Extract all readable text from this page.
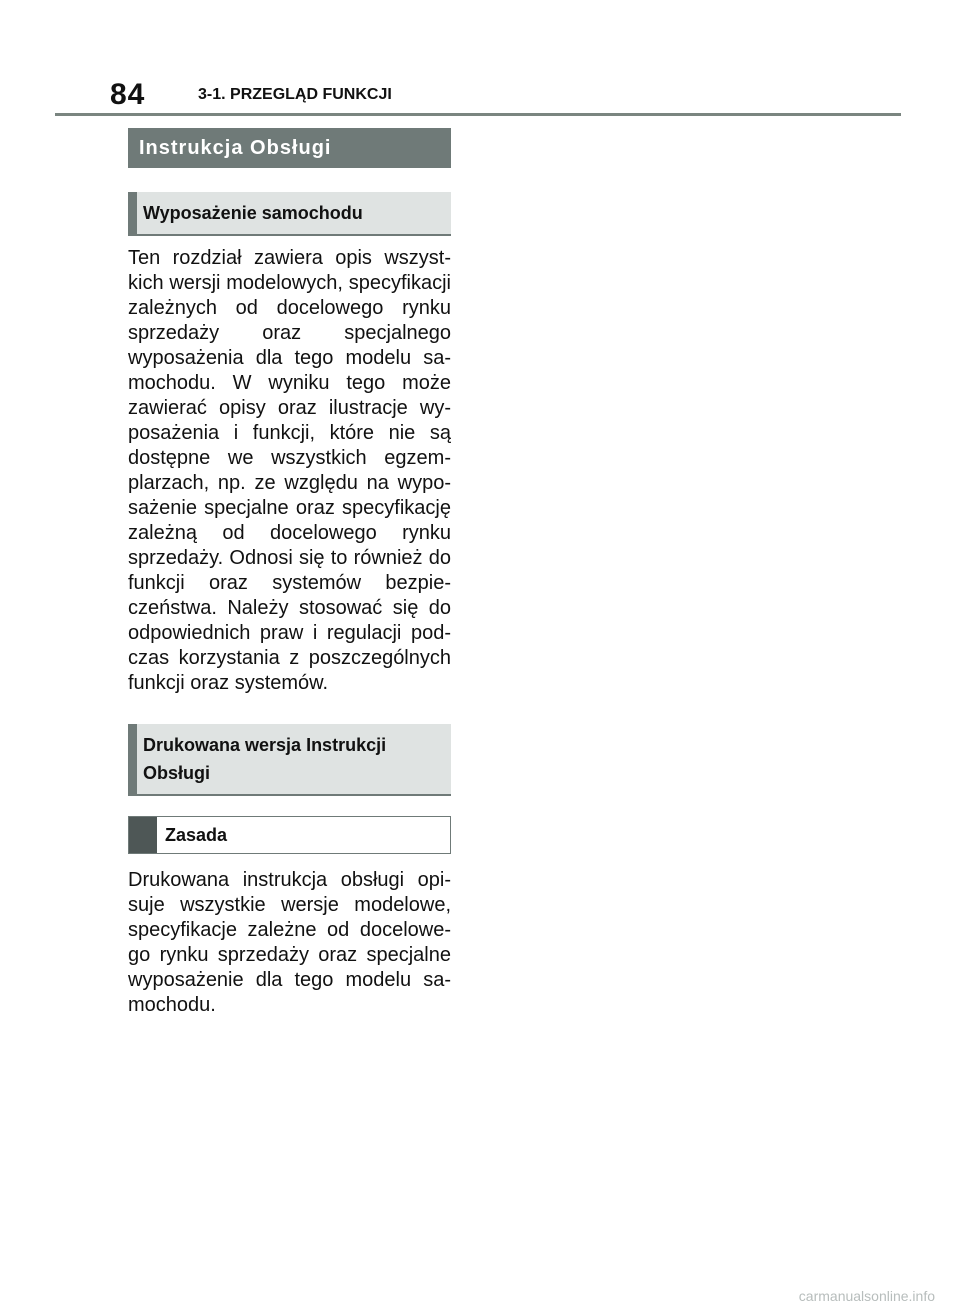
84	3-1. PRZEGLĄD FUNKCJI
Instrukcja Obsługi
Wyposażenie samochodu

Ten rozdział zawiera opis wszystkich wersji modelowych, specyfikacji zależnych od docelowego rynku sprzedaży oraz specjalnego wyposażenia dla tego modelu samochodu. W wyniku tego może zawierać opisy oraz ilustracje wyposażenia i funkcji, które nie są dostępne we wszystkich egzemplarzach, np. ze względu na wyposażenie specjalne oraz specyfikację zależną od docelowego rynku sprzedaży. Odnosi się to również do funkcji oraz systemów bezpieczeństwa. Należy stosować się do odpowiednich praw i regulacji podczas korzystania z poszczególnych funkcji oraz systemów.

Drukowana wersja Instrukcji Obsługi
Zasada

Drukowana instrukcja obsługi opisuje wszystkie wersje modelowe, specyfikacje zależne od docelowego rynku sprzedaży oraz specjalne wyposażenie dla tego modelu samochodu.

carmanualsonline.info
